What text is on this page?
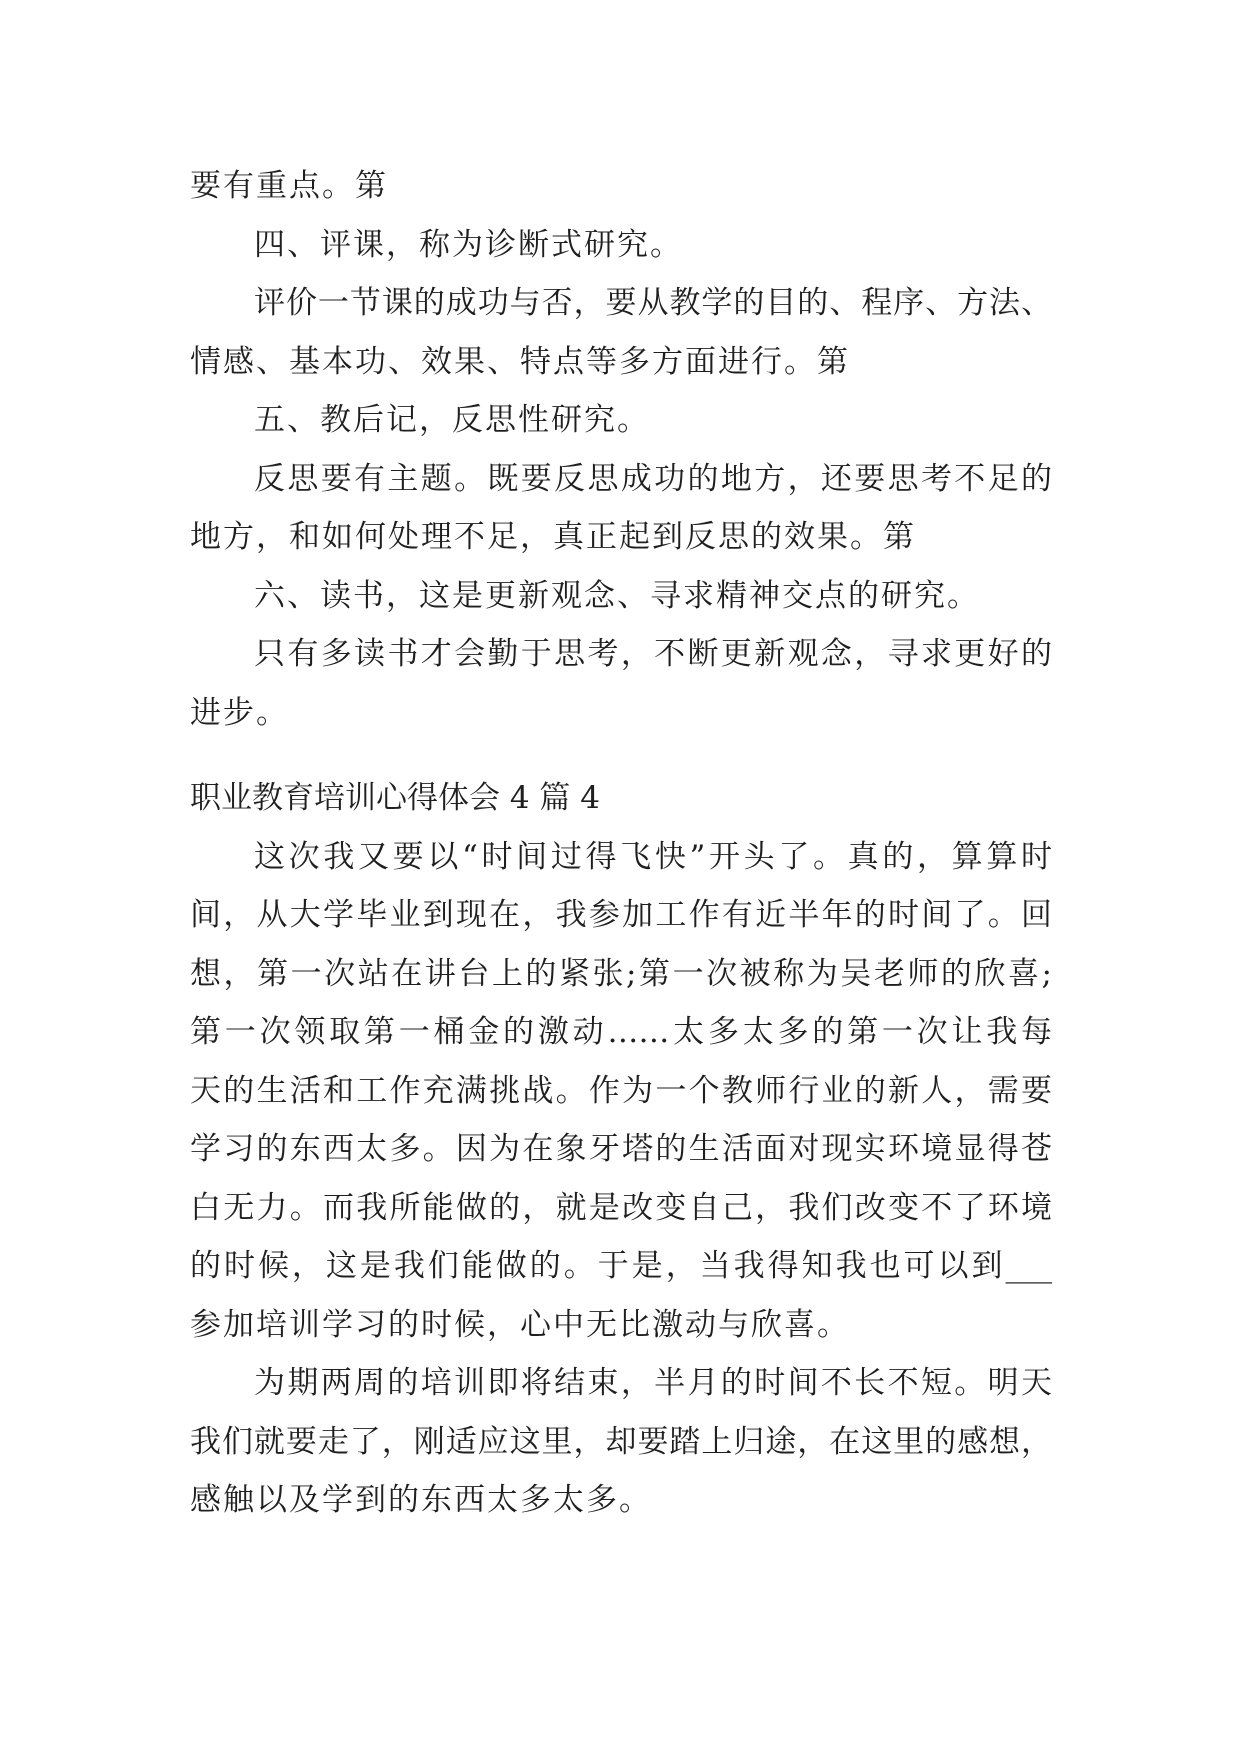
要有重点。第
四、评课，称为诊断式研究。
评价一节课的成功与否，要从教学的目的、程序、方法、
情感、基本功、效果、特点等多方面进行。第
五、教后记，反思性研究。
反思要有主题。既要反思成功的地方，还要思考不足的
地方，和如何处理不足，真正起到反思的效果。第
六、读书，这是更新观念、寻求精神交点的研究。
只有多读书才会勤于思考，不断更新观念，寻求更好的
进步。
职业教育培训心得体会 4 篇 4
这次我又要以“时间过得飞快”开头了。真的，算算时
间，从大学毕业到现在，我参加工作有近半年的时间了。回
想，第一次站在讲台上的紧张;第一次被称为吴老师的欣喜;
第一次领取第一桶金的激动……太多太多的第一次让我每
天的生活和工作充满挑战。作为一个教师行业的新人，需要
学习的东西太多。因为在象牙塔的生活面对现实环境显得苍
白无力。而我所能做的，就是改变自己，我们改变不了环境
的时候，这是我们能做的。于是，当我得知我也可以到___
参加培训学习的时候，心中无比激动与欣喜。
为期两周的培训即将结束，半月的时间不长不短。明天
我们就要走了，刚适应这里，却要踏上归途，在这里的感想，
感触以及学到的东西太多太多。
